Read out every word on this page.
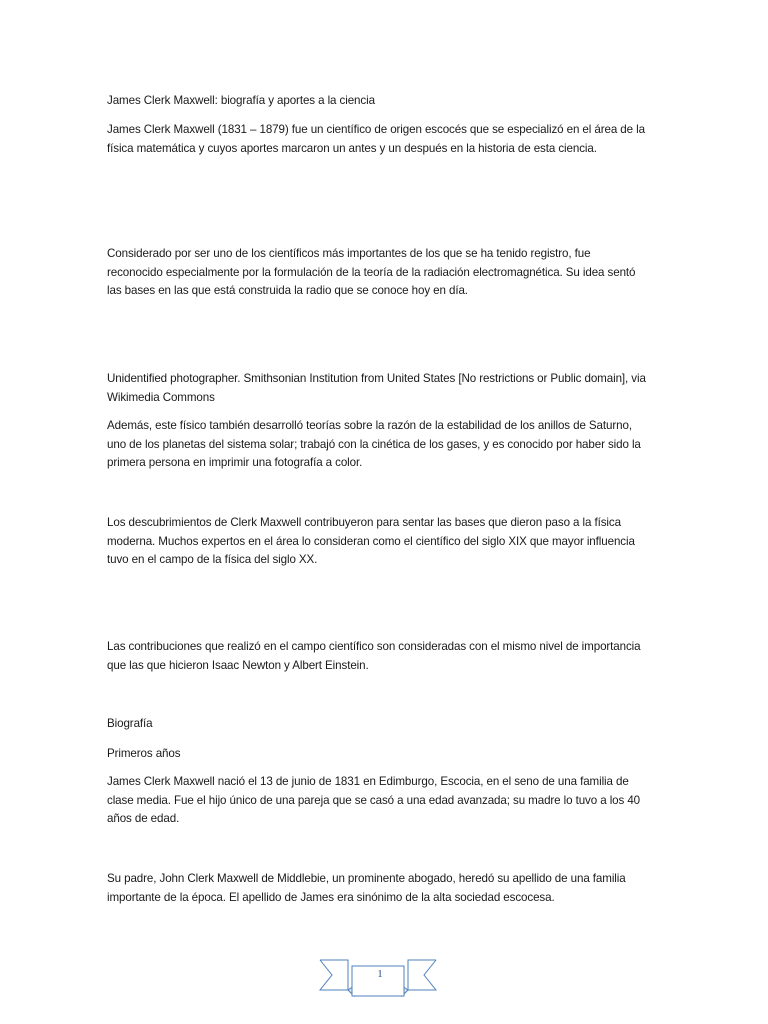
James Clerk Maxwell: biografía y aportes a la ciencia

James Clerk Maxwell (1831 – 1879) fue un científico de origen escocés que se especializó en el área de la física matemática y cuyos aportes marcaron un antes y un después en la historia de esta ciencia.

Considerado por ser uno de los científicos más importantes de los que se ha tenido registro, fue reconocido especialmente por la formulación de la teoría de la radiación electromagnética. Su idea sentó las bases en las que está construida la radio que se conoce hoy en día.

Unidentified photographer. Smithsonian Institution from United States [No restrictions or Public domain], via Wikimedia Commons

Además, este físico también desarrolló teorías sobre la razón de la estabilidad de los anillos de Saturno, uno de los planetas del sistema solar; trabajó con la cinética de los gases, y es conocido por haber sido la primera persona en imprimir una fotografía a color.

Los descubrimientos de Clerk Maxwell contribuyeron para sentar las bases que dieron paso a la física moderna. Muchos expertos en el área lo consideran como el científico del siglo XIX que mayor influencia tuvo en el campo de la física del siglo XX.

Las contribuciones que realizó en el campo científico son consideradas con el mismo nivel de importancia que las que hicieron Isaac Newton y Albert Einstein.

Biografía

Primeros años

James Clerk Maxwell nació el 13 de junio de 1831 en Edimburgo, Escocia, en el seno de una familia de clase media. Fue el hijo único de una pareja que se casó a una edad avanzada; su madre lo tuvo a los 40 años de edad.

Su padre, John Clerk Maxwell de Middlebie, un prominente abogado, heredó su apellido de una familia importante de la época. El apellido de James era sinónimo de la alta sociedad escocesa.

1
